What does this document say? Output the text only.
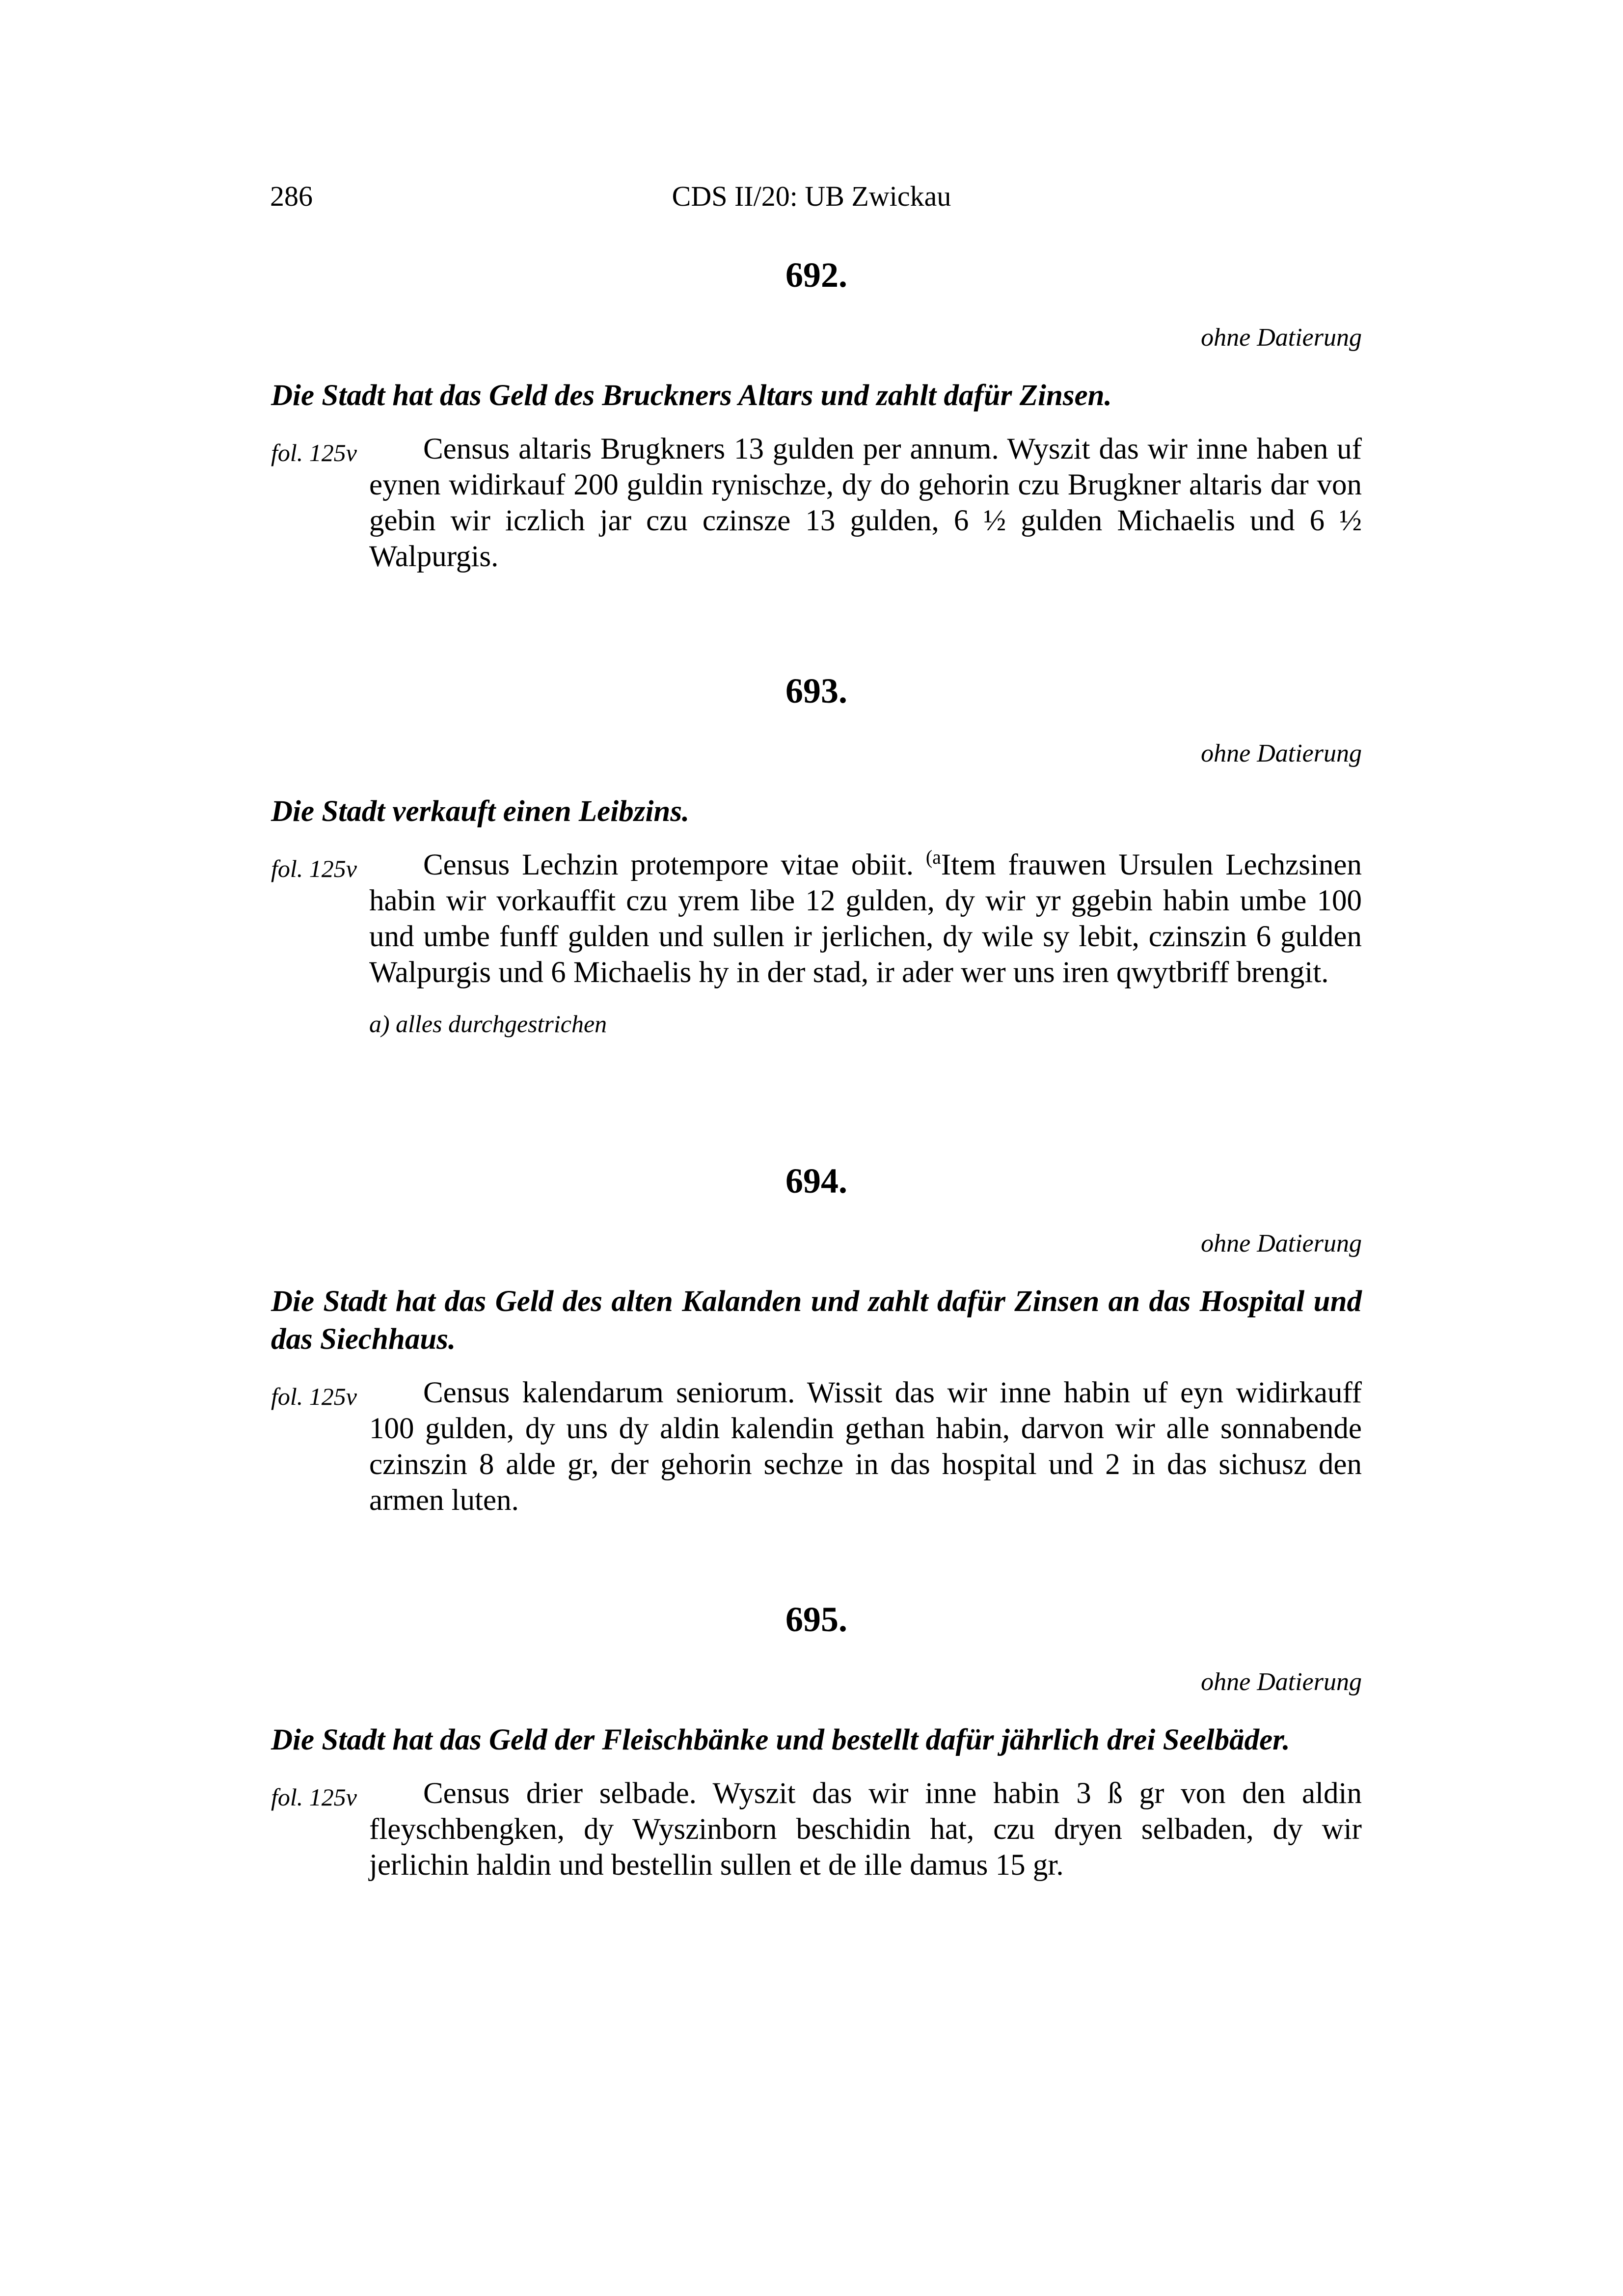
286	CDS II/20: UB Zwickau
692.
ohne Datierung
Die Stadt hat das Geld des Bruckners Altars und zahlt dafür Zinsen.
fol. 125v	Census altaris Brugkners 13 gulden per annum. Wyszit das wir inne haben uf eynen widirkauf 200 guldin rynischze, dy do gehorin czu Brugkner altaris dar von gebin wir iczlich jar czu czinsze 13 gulden, 6 ½ gulden Michaelis und 6 ½ Walpurgis.

693.
ohne Datierung
Die Stadt verkauft einen Leibzins.
fol. 125v	Census Lechzin protempore vitae obiit. $^{(a}$Item frauwen Ursulen Lechzsinen habin wir vorkauffit czu yrem libe 12 gulden, dy wir yr ggebin habin umbe 100 und umbe funff gulden und sullen ir jerlichen, dy wile sy lebit, czinszin 6 gulden Walpurgis und 6 Michaelis hy in der stad, ir ader wer uns iren qwytbriff brengit.

a) alles durchgestrichen
694.
ohne Datierung
Die Stadt hat das Geld des alten Kalanden und zahlt dafür Zinsen an das Hospital und das Siechhaus.
fol. 125v	Census kalendarum seniorum. Wissit das wir inne habin uf eyn widirkauff 100 gulden, dy uns dy aldin kalendin gethan habin, darvon wir alle sonnabende czinszin 8 alde gr, der gehorin sechze in das hospital und 2 in das sichusz den armen luten.

695.
ohne Datierung
Die Stadt hat das Geld der Fleischbänke und bestellt dafür jährlich drei Seelbäder.
fol. 125v	Census drier selbade. Wyszit das wir inne habin 3 ß gr von den aldin fleyschbengken, dy Wyszinborn beschidin hat, czu dryen selbaden, dy wir jerlichin haldin und bestellin sullen et de ille damus 15 gr.
